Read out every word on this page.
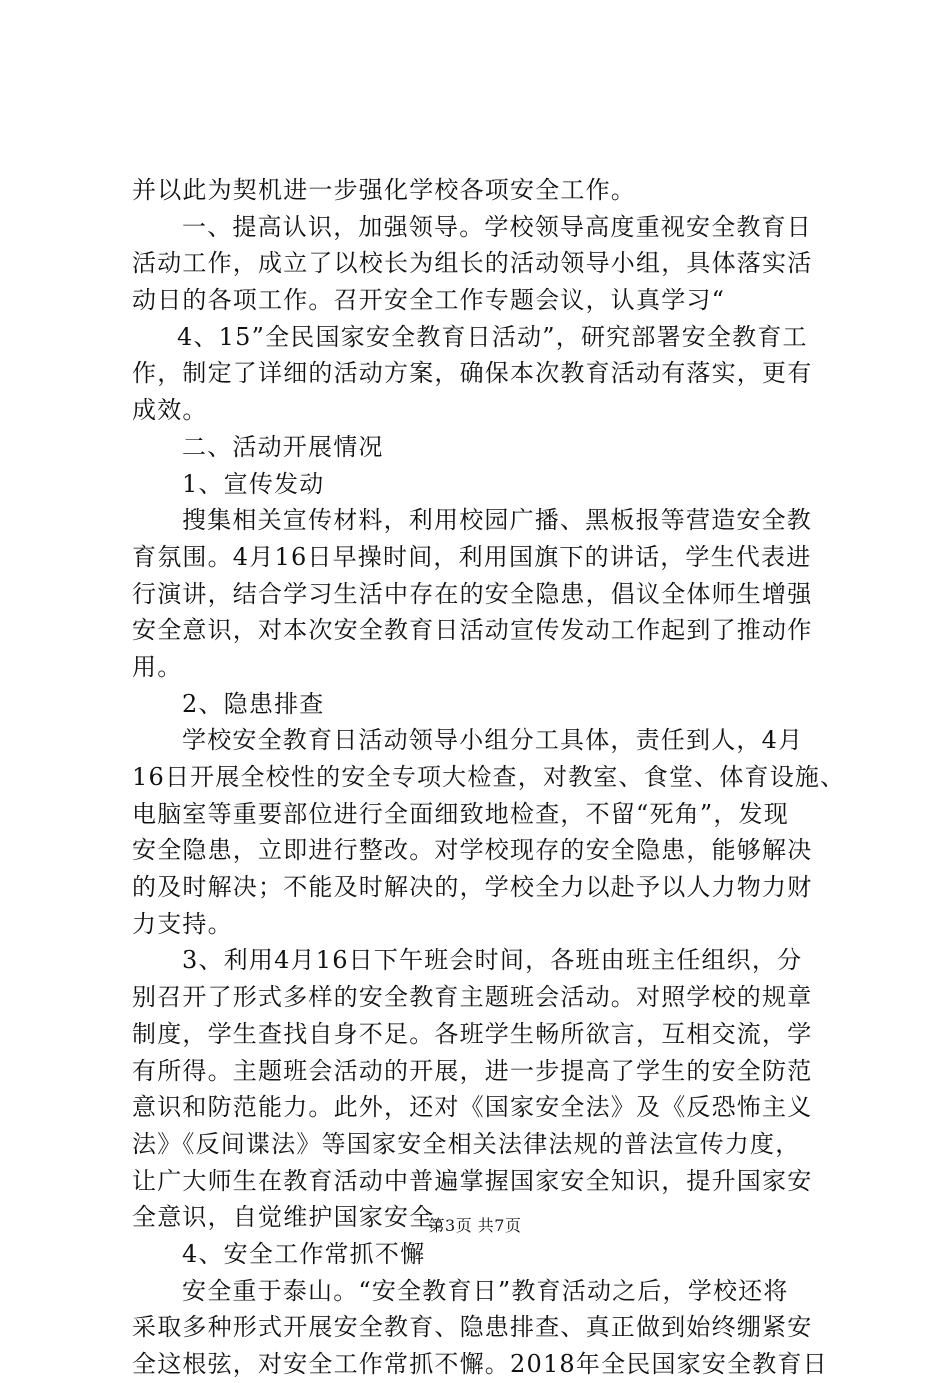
并以此为契机进一步强化学校各项安全工作。
一、提高认识，加强领导。学校领导高度重视安全教育日
活动工作，成立了以校长为组长的活动领导小组，具体落实活
动日的各项工作。召开安全工作专题会议，认真学习“
4、15”全民国家安全教育日活动”，研究部署安全教育工
作，制定了详细的活动方案，确保本次教育活动有落实，更有
成效。
二、活动开展情况
1、宣传发动
搜集相关宣传材料，利用校园广播、黑板报等营造安全教
育氛围。4月16日早操时间，利用国旗下的讲话，学生代表进
行演讲，结合学习生活中存在的安全隐患，倡议全体师生增强
安全意识，对本次安全教育日活动宣传发动工作起到了推动作
用。
2、隐患排查
学校安全教育日活动领导小组分工具体，责任到人，4月
16日开展全校性的安全专项大检查，对教室、食堂、体育设施、
电脑室等重要部位进行全面细致地检查，不留“死角”，发现
安全隐患，立即进行整改。对学校现存的安全隐患，能够解决
的及时解决；不能及时解决的，学校全力以赴予以人力物力财
力支持。
3、利用4月16日下午班会时间，各班由班主任组织，分
别召开了形式多样的安全教育主题班会活动。对照学校的规章
制度，学生查找自身不足。各班学生畅所欲言，互相交流，学
有所得。主题班会活动的开展，进一步提高了学生的安全防范
意识和防范能力。此外，还对《国家安全法》及《反恐怖主义
法》《反间谍法》等国家安全相关法律法规的普法宣传力度，
让广大师生在教育活动中普遍掌握国家安全知识，提升国家安
全意识，自觉维护国家安全。
4、安全工作常抓不懈
安全重于泰山。“安全教育日”教育活动之后，学校还将
采取多种形式开展安全教育、隐患排查、真正做到始终绷紧安
全这根弦，对安全工作常抓不懈。2018年全民国家安全教育日
第3页 共7页
